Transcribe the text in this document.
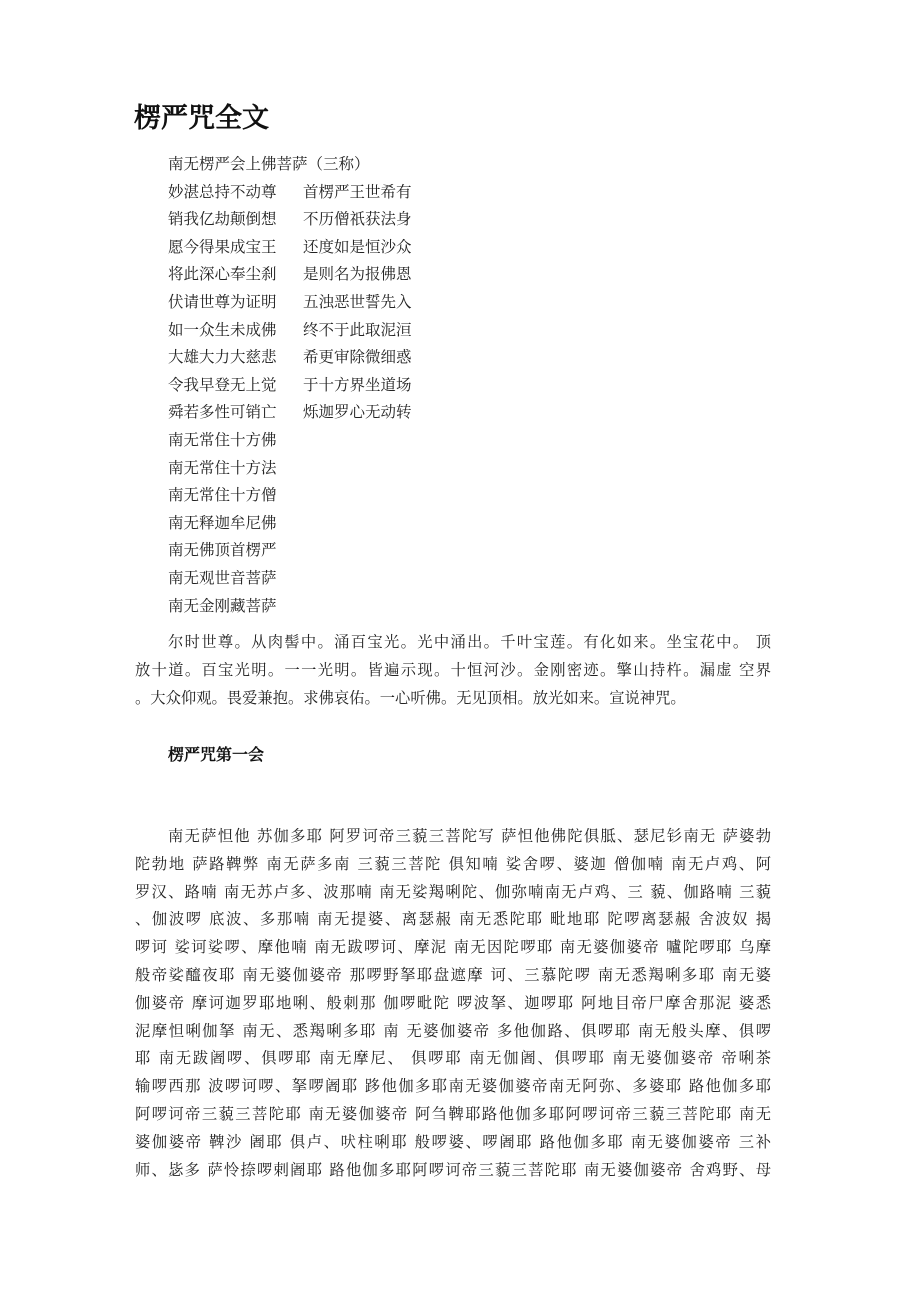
楞严咒全文
南无楞严会上佛菩萨（三称）
妙湛总持不动尊 首楞严王世希有
销我亿劫颠倒想 不历僧祇获法身
愿今得果成宝王 还度如是恒沙众
将此深心奉尘刹 是则名为报佛恩
伏请世尊为证明 五浊恶世誓先入
如一众生未成佛 终不于此取泥洹
大雄大力大慈悲 希更审除微细惑
令我早登无上觉 于十方界坐道场
舜若多性可销亡 烁迦罗心无动转
南无常住十方佛
南无常住十方法
南无常住十方僧
南无释迦牟尼佛
南无佛顶首楞严
南无观世音菩萨
南无金刚藏菩萨
尔时世尊。从肉髻中。涌百宝光。光中涌出。千叶宝莲。有化如来。坐宝花中。 顶
放十道。百宝光明。一一光明。皆遍示现。十恒河沙。金刚密迹。擎山持杵。漏虚 空界
。大众仰观。畏爱兼抱。求佛哀佑。一心听佛。无见顶相。放光如来。宣说神咒。
楞严咒第一会
南无萨怛他 苏伽多耶 阿罗诃帝三藐三菩陀写 萨怛他佛陀俱胝、瑟尼钐南无 萨婆勃
陀勃地 萨路鞞弊 南无萨多南 三藐三菩陀 俱知喃 娑舍啰、婆迦 僧伽喃 南无卢鸡、阿
罗汉、路喃 南无苏卢多、波那喃 南无娑羯唎陀、伽弥喃南无卢鸡、三 藐、伽路喃 三藐
、伽波啰 底波、多那喃 南无提婆、离瑟赧 南无悉陀耶 毗地耶 陀啰离瑟赧 舍波奴 揭
啰诃 娑诃娑啰、摩他喃 南无跋啰诃、摩泥 南无因陀啰耶 南无婆伽婆帝 嚧陀啰耶 乌摩
般帝娑醯夜耶 南无婆伽婆帝 那啰野拏耶盘遮摩 诃、三慕陀啰 南无悉羯唎多耶 南无婆
伽婆帝 摩诃迦罗耶地唎、般刺那 伽啰毗陀 啰波拏、迦啰耶 阿地目帝尸摩舍那泥 婆悉
泥摩怛唎伽拏 南无、悉羯唎多耶 南 无婆伽婆帝 多他伽路、俱啰耶 南无般头摩、俱啰
耶 南无跋阇啰、俱啰耶 南无摩尼、 俱啰耶 南无伽阇、俱啰耶 南无婆伽婆帝 帝唎茶
输啰西那 波啰诃啰、拏啰阇耶 跢他伽多耶南无婆伽婆帝南无阿弥、多婆耶 路他伽多耶
阿啰诃帝三藐三菩陀耶 南无婆伽婆帝 阿刍鞞耶路他伽多耶阿啰诃帝三藐三菩陀耶 南无
婆伽婆帝 鞞沙 阇耶 俱卢、吠柱唎耶 般啰婆、啰阇耶 路他伽多耶 南无婆伽婆帝 三补
师、毖多 萨怜捺啰剌阇耶 路他伽多耶阿啰诃帝三藐三菩陀耶 南无婆伽婆帝 舍鸡野、母
